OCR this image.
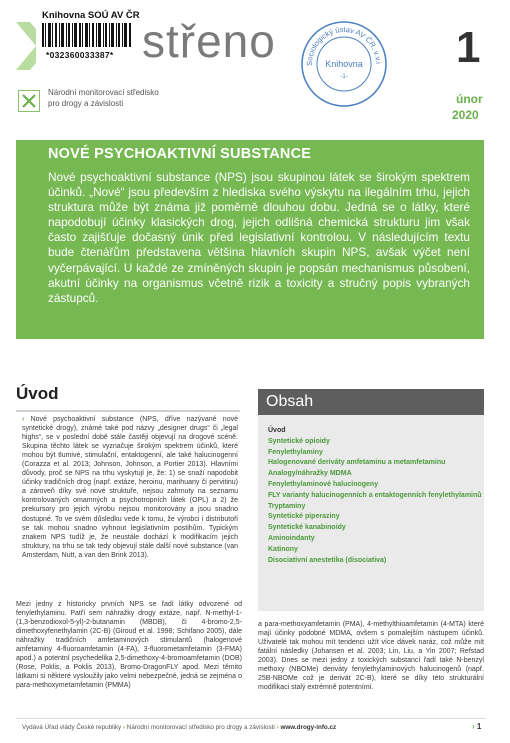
Knihovna SOÚ AV ČR
*032360033387* střeno	Sociologický ústav AV ČR, v.v.i
Knihovna
-1-
1
únor
2020
Národní monitorovací středisko pro drogy a závislosti
NOVÉ PSYCHOAKTIVNÍ SUBSTANCE
Nové psychoaktivní substance (NPS) jsou skupinou látek se širokým spektrem účinků. „Nové“ jsou především z hlediska svého výskytu na ilegálním trhu, jejich struktura může být známa již poměrně dlouhou dobu. Jedná se o látky, které napodobují účinky klasických drog, jejich odlišná chemická strukturu jim však často zajišťuje dočasný únik před legislativní kontrolou. V následujícím textu bude čtenářům představena většina hlavních skupin NPS, avšak výčet není vyčerpávající. U každé ze zmíněných skupin je popsán mechanismus působení, akutní účinky na organismus včetně rizik a toxicity a stručný popis vybraných zástupců.
Úvod
› Nové psychoaktivní substance (NPS, dříve nazývané nové syntetické drogy), známé také pod názvy „designer drugs“ či „legal highs“, se v poslední době stále častěji objevují na drogové scéně. Skupina těchto látek se vyznačuje širokým spektrem účinků, které mohou být tlumivé, stimulační, entaktogenní, ale také halucinogenní (Corazza et al. 2013; Johnson, Johnson, a Portier 2013). Hlavními důvody, proč se NPS na trhu vyskytují je, že: 1) se snaží napodobit účinky tradičních drog (např. extáze, heroinu, marihuany či pervitinu) a zároveň díky své nové struktuře, nejsou zahrnuty na seznamu kontrolovaných omamných a psychotropních látek (OPL) a 2) že prekursory pro jejich výrobu nejsou monitorovány a jsou snadno dostupné. To ve svém důsledku vede k tomu, že výrobci i distributoři se tak mohou snadno vyhnout legislativním postihům. Typickým znakem NPS tudíž je, že neustále dochází k modifikacím jejich struktury, na trhu se tak tedy objevují stále další nové substance (van Amsterdam, Nutt, a van den Brink 2013).
Mezi jedny z historicky prvních NPS se řadí látky odvozené od fenylethylaminu. Patří sem náhražky drogy extáze, např. N-methyl-1-(1,3-benzodioxol-5-yl)-2-butanamin (MBDB), či 4-bromo-2,5-dimethoxyfenethylamin (2C-B) (Giroud et al. 1998; Schifano 2005), dále náhražky tradičních amfetaminových stimulantů (halogenové amfetaminy 4-fluoroamfetamin (4-FA), 3-fluorometamfetamin (3-FMA) apod.) a potentní psychedelika 2,5-dimethoxy-4-bromoamfetamin (DOB) (Rose, Poklis, a Poklis 2013), Bromo-DragonFLY apod. Mezi těmito látkami si některé vysloužily jako velmi nebezpečné, jedná se zejména o para-methoxymetamfetamin (PMMA)
a para-methoxyamfetamin (PMA), 4-methylthioamfetamin (4-MTA) které mají účinky podobné MDMA, ovšem s pomalejším nástupem účinků. Uživatelé tak mohou mít tendenci užít více dávek naráz, což může mít fatální následky (Johansen et al. 2003; Lin, Liu, a Yin 2007; Refstad 2003). Dnes se mezi jedny z toxických substancí řadí také N-benzyl methoxy (NBOMe) deriváty fenylethylaminových halucinogenů (např. 25B-NBOMe což je derivát 2C-B), které se díky této strukturální modifikaci stalý extrémně potentními.
Obsah
Úvod
Syntetické opioidy
Fenylethylaminy
Halogenované deriváty amfetaminu a metamfetaminu
Analogy/náhražky MDMA
Fenylethylaminové halucinogeny
FLY varianty halucinogenních a entaktogenních fenylethylaminů
Tryptaminy
Syntetické piperaziny
Syntetické kanabinoidy
Aminoindanty
Katinony
Disociativní anestetika (disociativa)
Vydává Úřad vlády České republiky › Národní monitorovací středisko pro drogy a závislosti › www.drogy-info.cz	› 1
